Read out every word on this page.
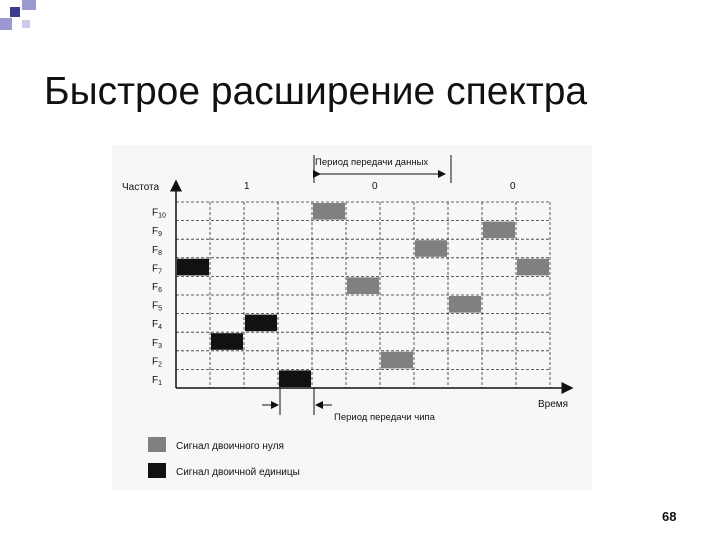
Быстрое расширение спектра
$F_{10}$
$F_9$
$F_8$
$F_7$
$F_6$
$F_5$
$F_4$
$F_3$
$F_2$
$F_1$
Частота
Время
1	0	0
Период передачи данных
Период передачи чипа
Сигнал двоичного нуля
Сигнал двоичной единицы
68
